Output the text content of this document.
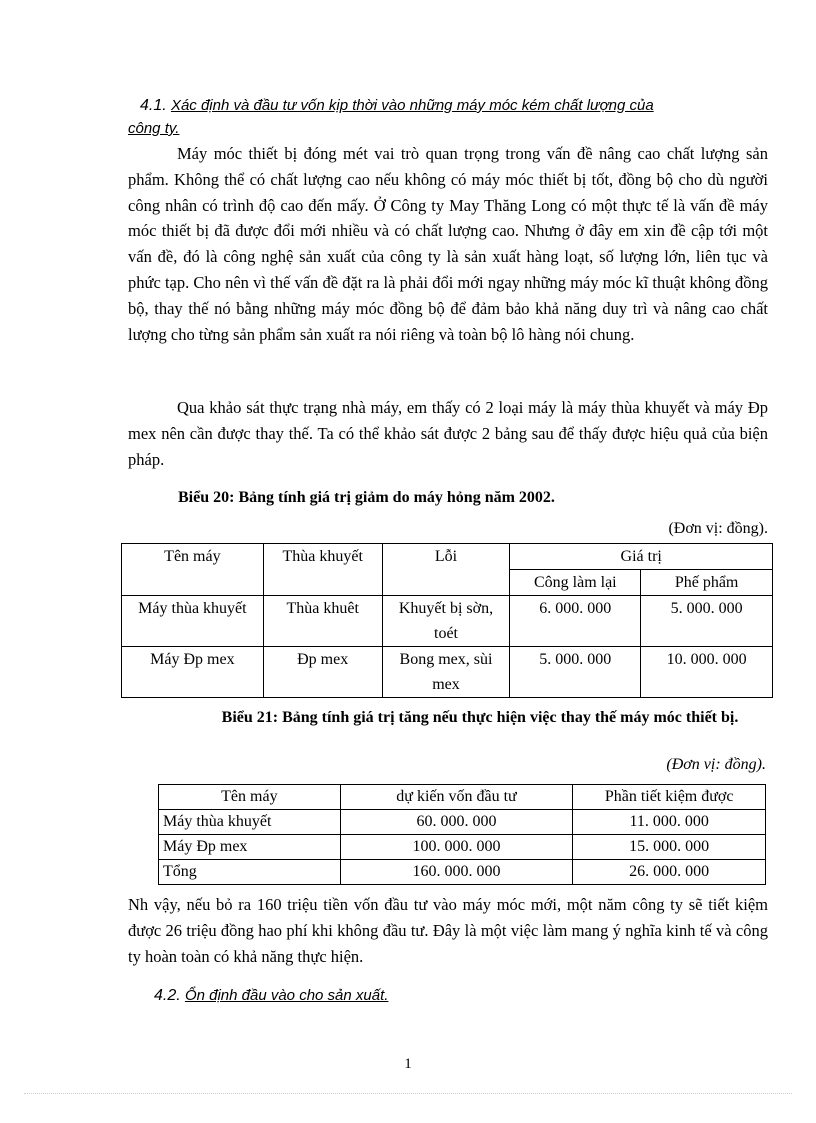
4.1. Xác định và đầu tư vốn kịp thời vào những máy móc kém chất lượng của
công ty.
Máy móc thiết bị đóng mét vai trò quan trọng trong vấn đề nâng cao chất lượng sản phẩm. Không thể có chất lượng cao nếu không có máy móc thiết bị tốt, đồng bộ cho dù người công nhân có trình độ cao đến mấy. Ở Công ty May Thăng Long có một thực tế là vấn đề máy móc thiết bị đã được đổi mới nhiều và có chất lượng cao. Nhưng ở đây em xin đề cập tới một vấn đề, đó là công nghệ sản xuất của công ty là sản xuất hàng loạt, số lượng lớn, liên tục và phức tạp. Cho nên vì thế vấn đề đặt ra là phải đổi mới ngay những máy móc kĩ thuật không đồng bộ, thay thế nó bằng những máy móc đồng bộ để đảm bảo khả năng duy trì và nâng cao chất lượng cho từng sản phẩm sản xuất ra nói riêng và toàn bộ lô hàng nói chung.
Qua khảo sát thực trạng nhà máy, em thấy có 2 loại máy là máy thùa khuyết và máy Đp mex nên cần được thay thế. Ta có thể khảo sát được 2 bảng sau để thấy được hiệu quả của biện pháp.
Biểu 20: Bảng tính giá trị giảm do máy hỏng năm 2002.
(Đơn vị: đồng).
Tên máy	Thùa khuyết	Lỗi	Giá trị	
			Công làm lại	Phế phẩm
Máy thùa khuyết	Thùa khuêt	Khuyết bị sờn, toét	6. 000. 000	5. 000. 000
Máy Đp mex	Đp mex	Bong mex, sùi mex	5. 000. 000	10. 000. 000
Biểu 21: Bảng tính giá trị tăng nếu thực hiện việc thay thế máy móc thiết bị.
(Đơn vị: đồng).
Tên máy	dự kiến vốn đầu tư	Phần tiết kiệm được
Máy thùa khuyết	60. 000. 000	11. 000. 000
Máy Đp mex	100. 000. 000	15. 000. 000
Tổng	160. 000. 000	26. 000. 000
Nh vậy, nếu bỏ ra 160 triệu tiền vốn đầu tư vào máy móc mới, một năm công ty sẽ tiết kiệm được 26 triệu đồng hao phí khi không đầu tư. Đây là một việc làm mang ý nghĩa kinh tế và công ty hoàn toàn có khả năng thực hiện.
4.2. Ổn định đầu vào cho sản xuất.
1
